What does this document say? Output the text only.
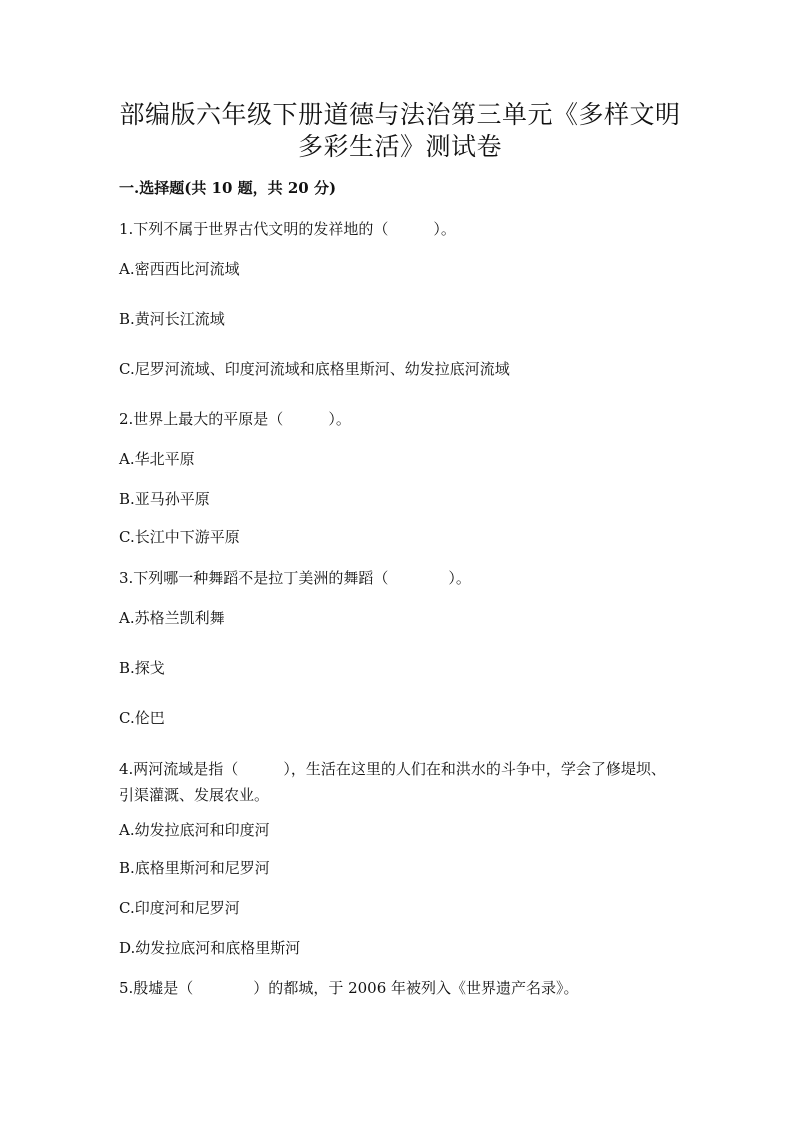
部编版六年级下册道德与法治第三单元《多样文明
多彩生活》测试卷

一.选择题(共 10 题，共 20 分)

1.下列不属于世界古代文明的发祥地的（　　　）。

A.密西西比河流域

B.黄河长江流域

C.尼罗河流域、印度河流域和底格里斯河、幼发拉底河流域

2.世界上最大的平原是（　　　）。

A.华北平原

B.亚马孙平原

C.长江中下游平原

3.下列哪一种舞蹈不是拉丁美洲的舞蹈（　　　　）。

A.苏格兰凯利舞

B.探戈

C.伦巴

4.两河流域是指（　　　），生活在这里的人们在和洪水的斗争中，学会了修堤坝、引渠灌溉、发展农业。

A.幼发拉底河和印度河

B.底格里斯河和尼罗河

C.印度河和尼罗河

D.幼发拉底河和底格里斯河

5.殷墟是（　　　　）的都城，于 2006 年被列入《世界遗产名录》。
